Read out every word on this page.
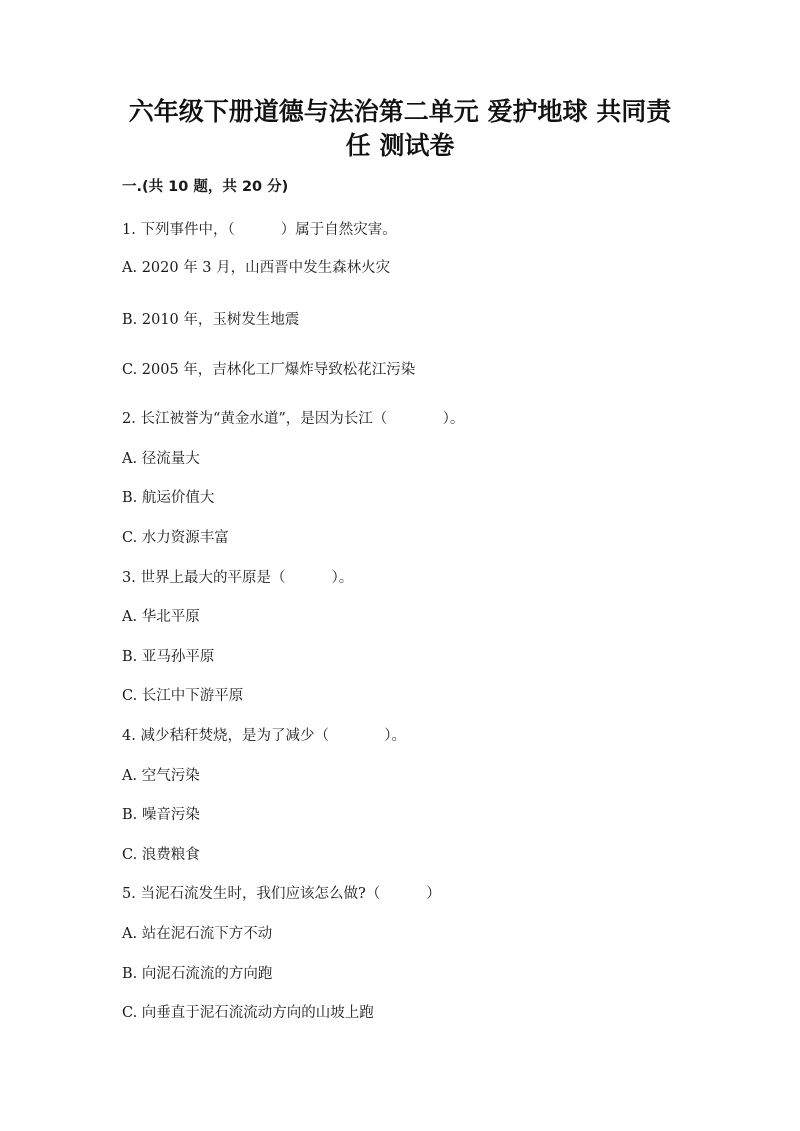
六年级下册道德与法治第二单元 爱护地球 共同责
任 测试卷
一.(共 10 题，共 20 分)
1. 下列事件中，（          ）属于自然灾害。
A. 2020 年 3 月，山西晋中发生森林火灾
B. 2010 年，玉树发生地震
C. 2005 年，吉林化工厂爆炸导致松花江污染
2. 长江被誉为“黄金水道”，是因为长江（            ）。
A. 径流量大
B. 航运价值大
C. 水力资源丰富
3. 世界上最大的平原是（          ）。
A. 华北平原
B. 亚马孙平原
C. 长江中下游平原
4. 减少秸秆焚烧，是为了减少（            ）。
A. 空气污染
B. 噪音污染
C. 浪费粮食
5. 当泥石流发生时，我们应该怎么做?（          ）
A. 站在泥石流下方不动
B. 向泥石流流的方向跑
C. 向垂直于泥石流流动方向的山坡上跑
